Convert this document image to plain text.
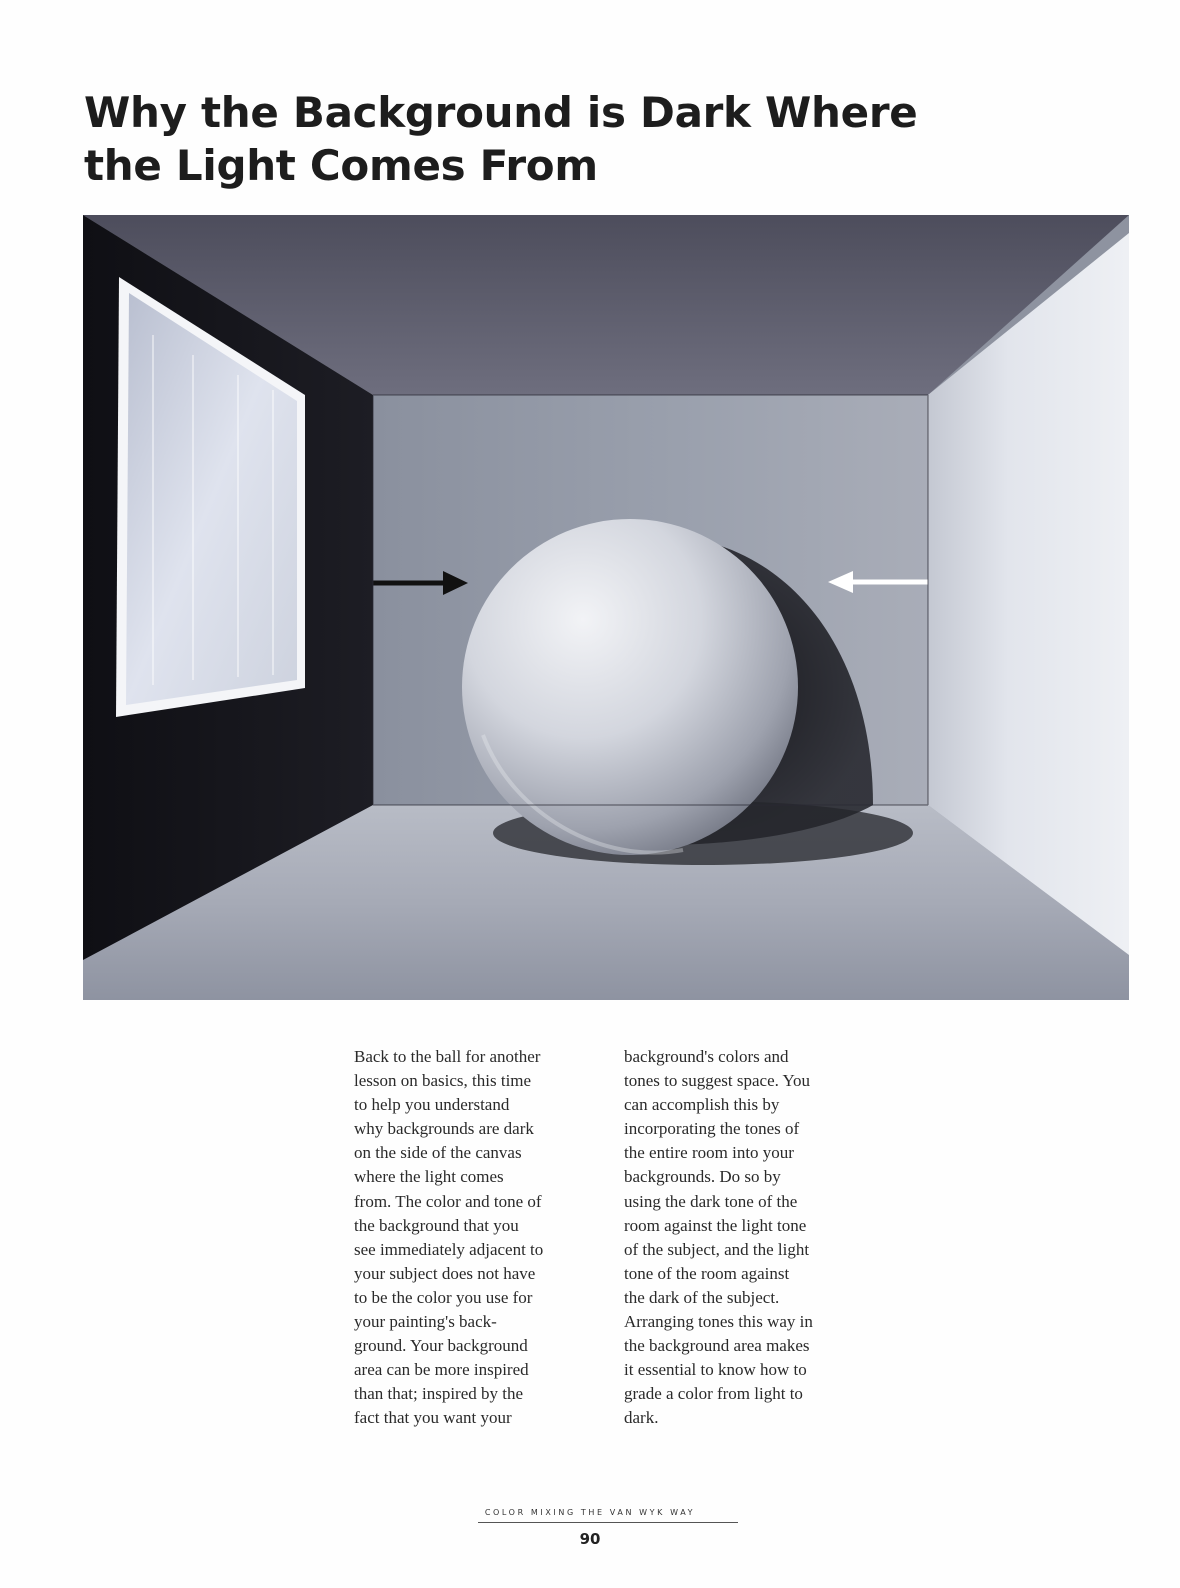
Why the Background is Dark Where
the Light Comes From

Back to the ball for another
lesson on basics, this time
to help you understand
why backgrounds are dark
on the side of the canvas
where the light comes
from. The color and tone of
the background that you
see immediately adjacent to
your subject does not have
to be the color you use for
your painting's back-
ground. Your background
area can be more inspired
than that; inspired by the
fact that you want your

background's colors and
tones to suggest space. You
can accomplish this by
incorporating the tones of
the entire room into your
backgrounds. Do so by
using the dark tone of the
room against the light tone
of the subject, and the light
tone of the room against
the dark of the subject.
Arranging tones this way in
the background area makes
it essential to know how to
grade a color from light to
dark.

COLOR MIXING THE VAN WYK WAY
90
